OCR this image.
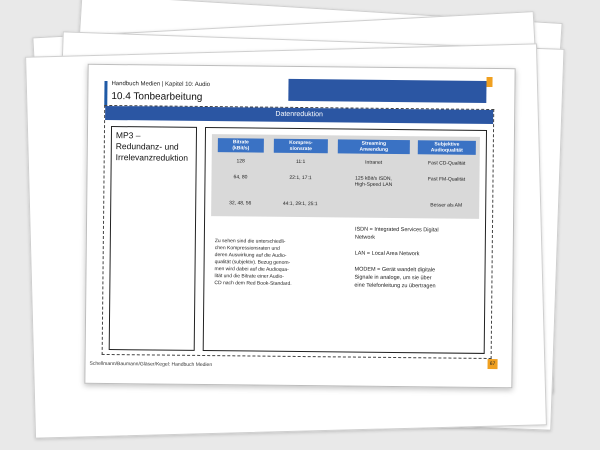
Handbuch Medien | Kapitel 10: Audio
10.4 Tonbearbeitung
Datenreduktion
MP3 –
Redundanz- und
Irrelevanzreduktion
Bitrate
(kBit/s)
128
64, 80
32, 48, 56
Kompres-
sionsrate
11:1
22:1, 17:1
44:1, 29:1, 25:1
Streaming
Anwendung
Intranet
125 kBit/s ISDN,
High-Speed LAN
Subjektive
Audioqualität
Fast CD-Qualität
Fast FM-Qualität
Besser als AM
Zu sehen sind die unterschiedli-
chen Kompressionsraten und
deren Auswirkung auf die Audio-
qualität (subjektiv). Bezug genom-
men wird dabei auf die Audioqua-
lität und die Bitrate einer Audio-
CD nach dem Red Book-Standard.

ISDN = Integrated Services Digital
Network

LAN = Local Area Network

MODEM = Gerät wandelt digitale
Signale in analoge, um sie über
eine Telefonleitung zu übertragen

Schellmann/Baumann/Gläser/Kegel: Handbuch Medien	67
